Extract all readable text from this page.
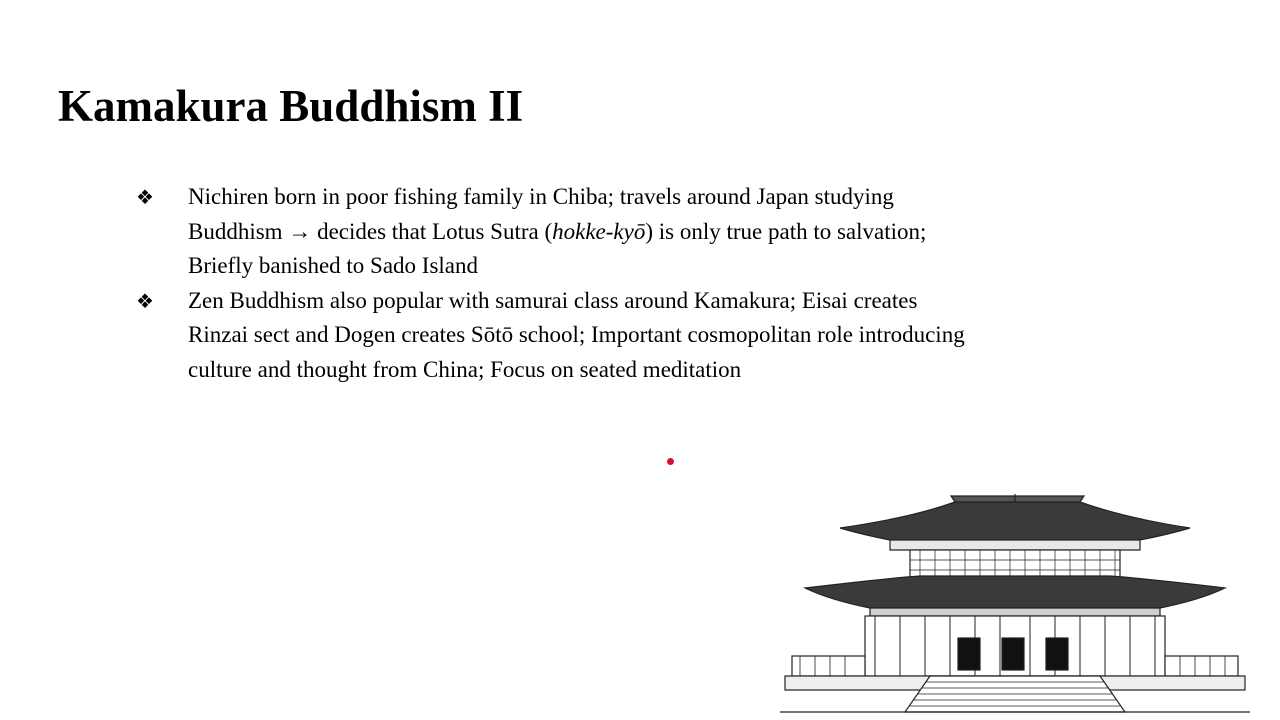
Kamakura Buddhism II
❖ Nichiren born in poor fishing family in Chiba; travels around Japan studying
Buddhism → decides that Lotus Sutra (hokke-kyō) is only true path to salvation;
Briefly banished to Sado Island
❖ Zen Buddhism also popular with samurai class around Kamakura; Eisai creates
Rinzai sect and Dogen creates Sōtō school; Important cosmopolitan role introducing
culture and thought from China; Focus on seated meditation
